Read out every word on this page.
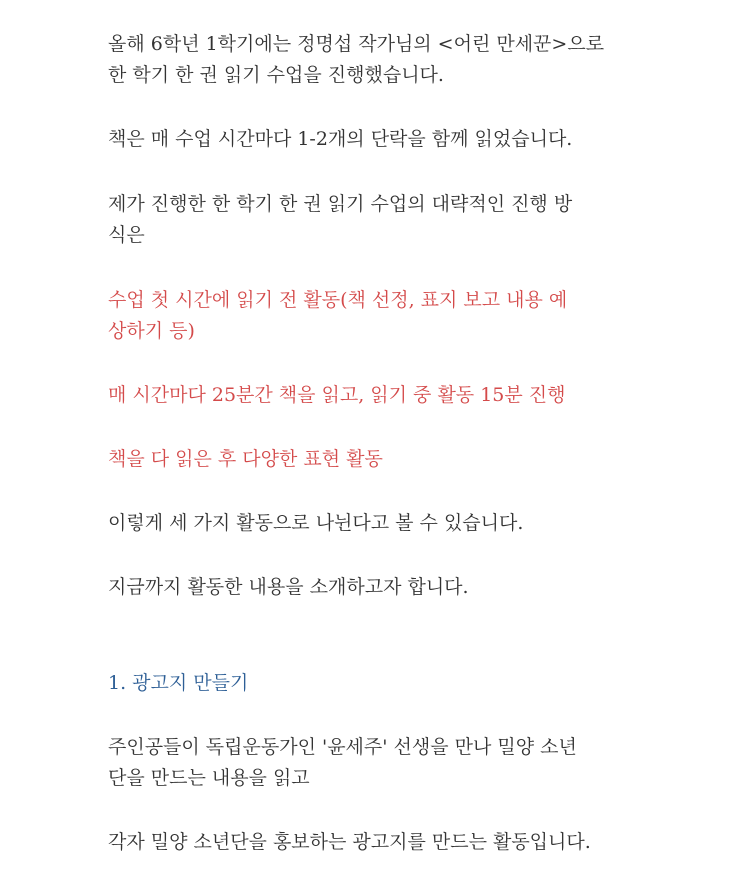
올해 6학년 1학기에는 정명섭 작가님의 <어린 만세꾼>으로
한 학기 한 권 읽기 수업을 진행했습니다.
책은 매 수업 시간마다 1-2개의 단락을 함께 읽었습니다.
제가 진행한 한 학기 한 권 읽기 수업의 대략적인 진행 방
식은
수업 첫 시간에 읽기 전 활동(책 선정, 표지 보고 내용 예
상하기 등)
매 시간마다 25분간 책을 읽고, 읽기 중 활동 15분 진행
책을 다 읽은 후 다양한 표현 활동
이렇게 세 가지 활동으로 나뉜다고 볼 수 있습니다.
지금까지 활동한 내용을 소개하고자 합니다.
1. 광고지 만들기
주인공들이 독립운동가인 '윤세주' 선생을 만나 밀양 소년
단을 만드는 내용을 읽고
각자 밀양 소년단을 홍보하는 광고지를 만드는 활동입니다.
